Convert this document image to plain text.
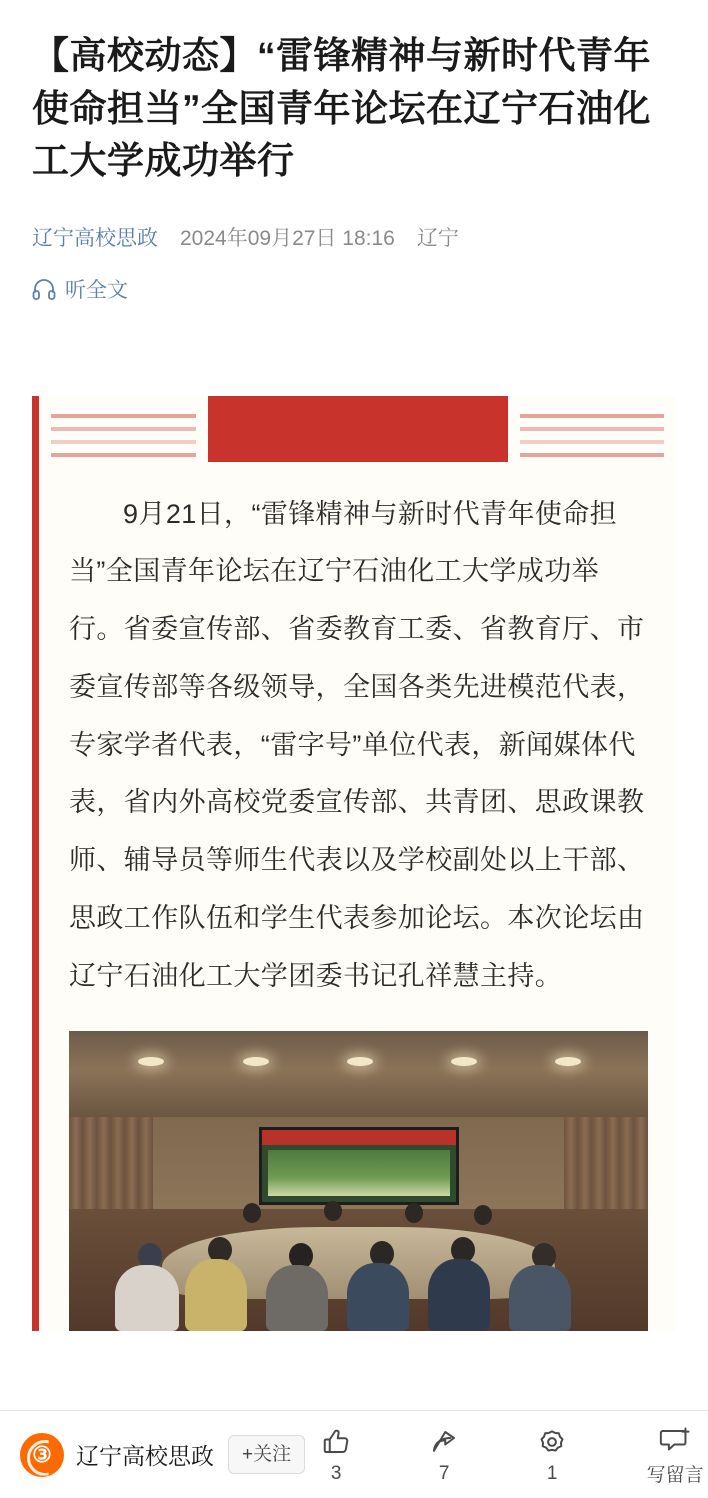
【高校动态】“雷锋精神与新时代青年使命担当”全国青年论坛在辽宁石油化工大学成功举行
辽宁高校思政 2024年09月27日 18:16 辽宁
听全文

9月21日，“雷锋精神与新时代青年使命担当”全国青年论坛在辽宁石油化工大学成功举行。省委宣传部、省委教育工委、省教育厅、市委宣传部等各级领导，全国各类先进模范代表，专家学者代表，“雷字号”单位代表，新闻媒体代表，省内外高校党委宣传部、共青团、思政课教师、辅导员等师生代表以及学校副处以上干部、思政工作队伍和学生代表参加论坛。本次论坛由辽宁石油化工大学团委书记孔祥慧主持。

③ 辽宁高校思政	+关注
3	7	1	写留言
